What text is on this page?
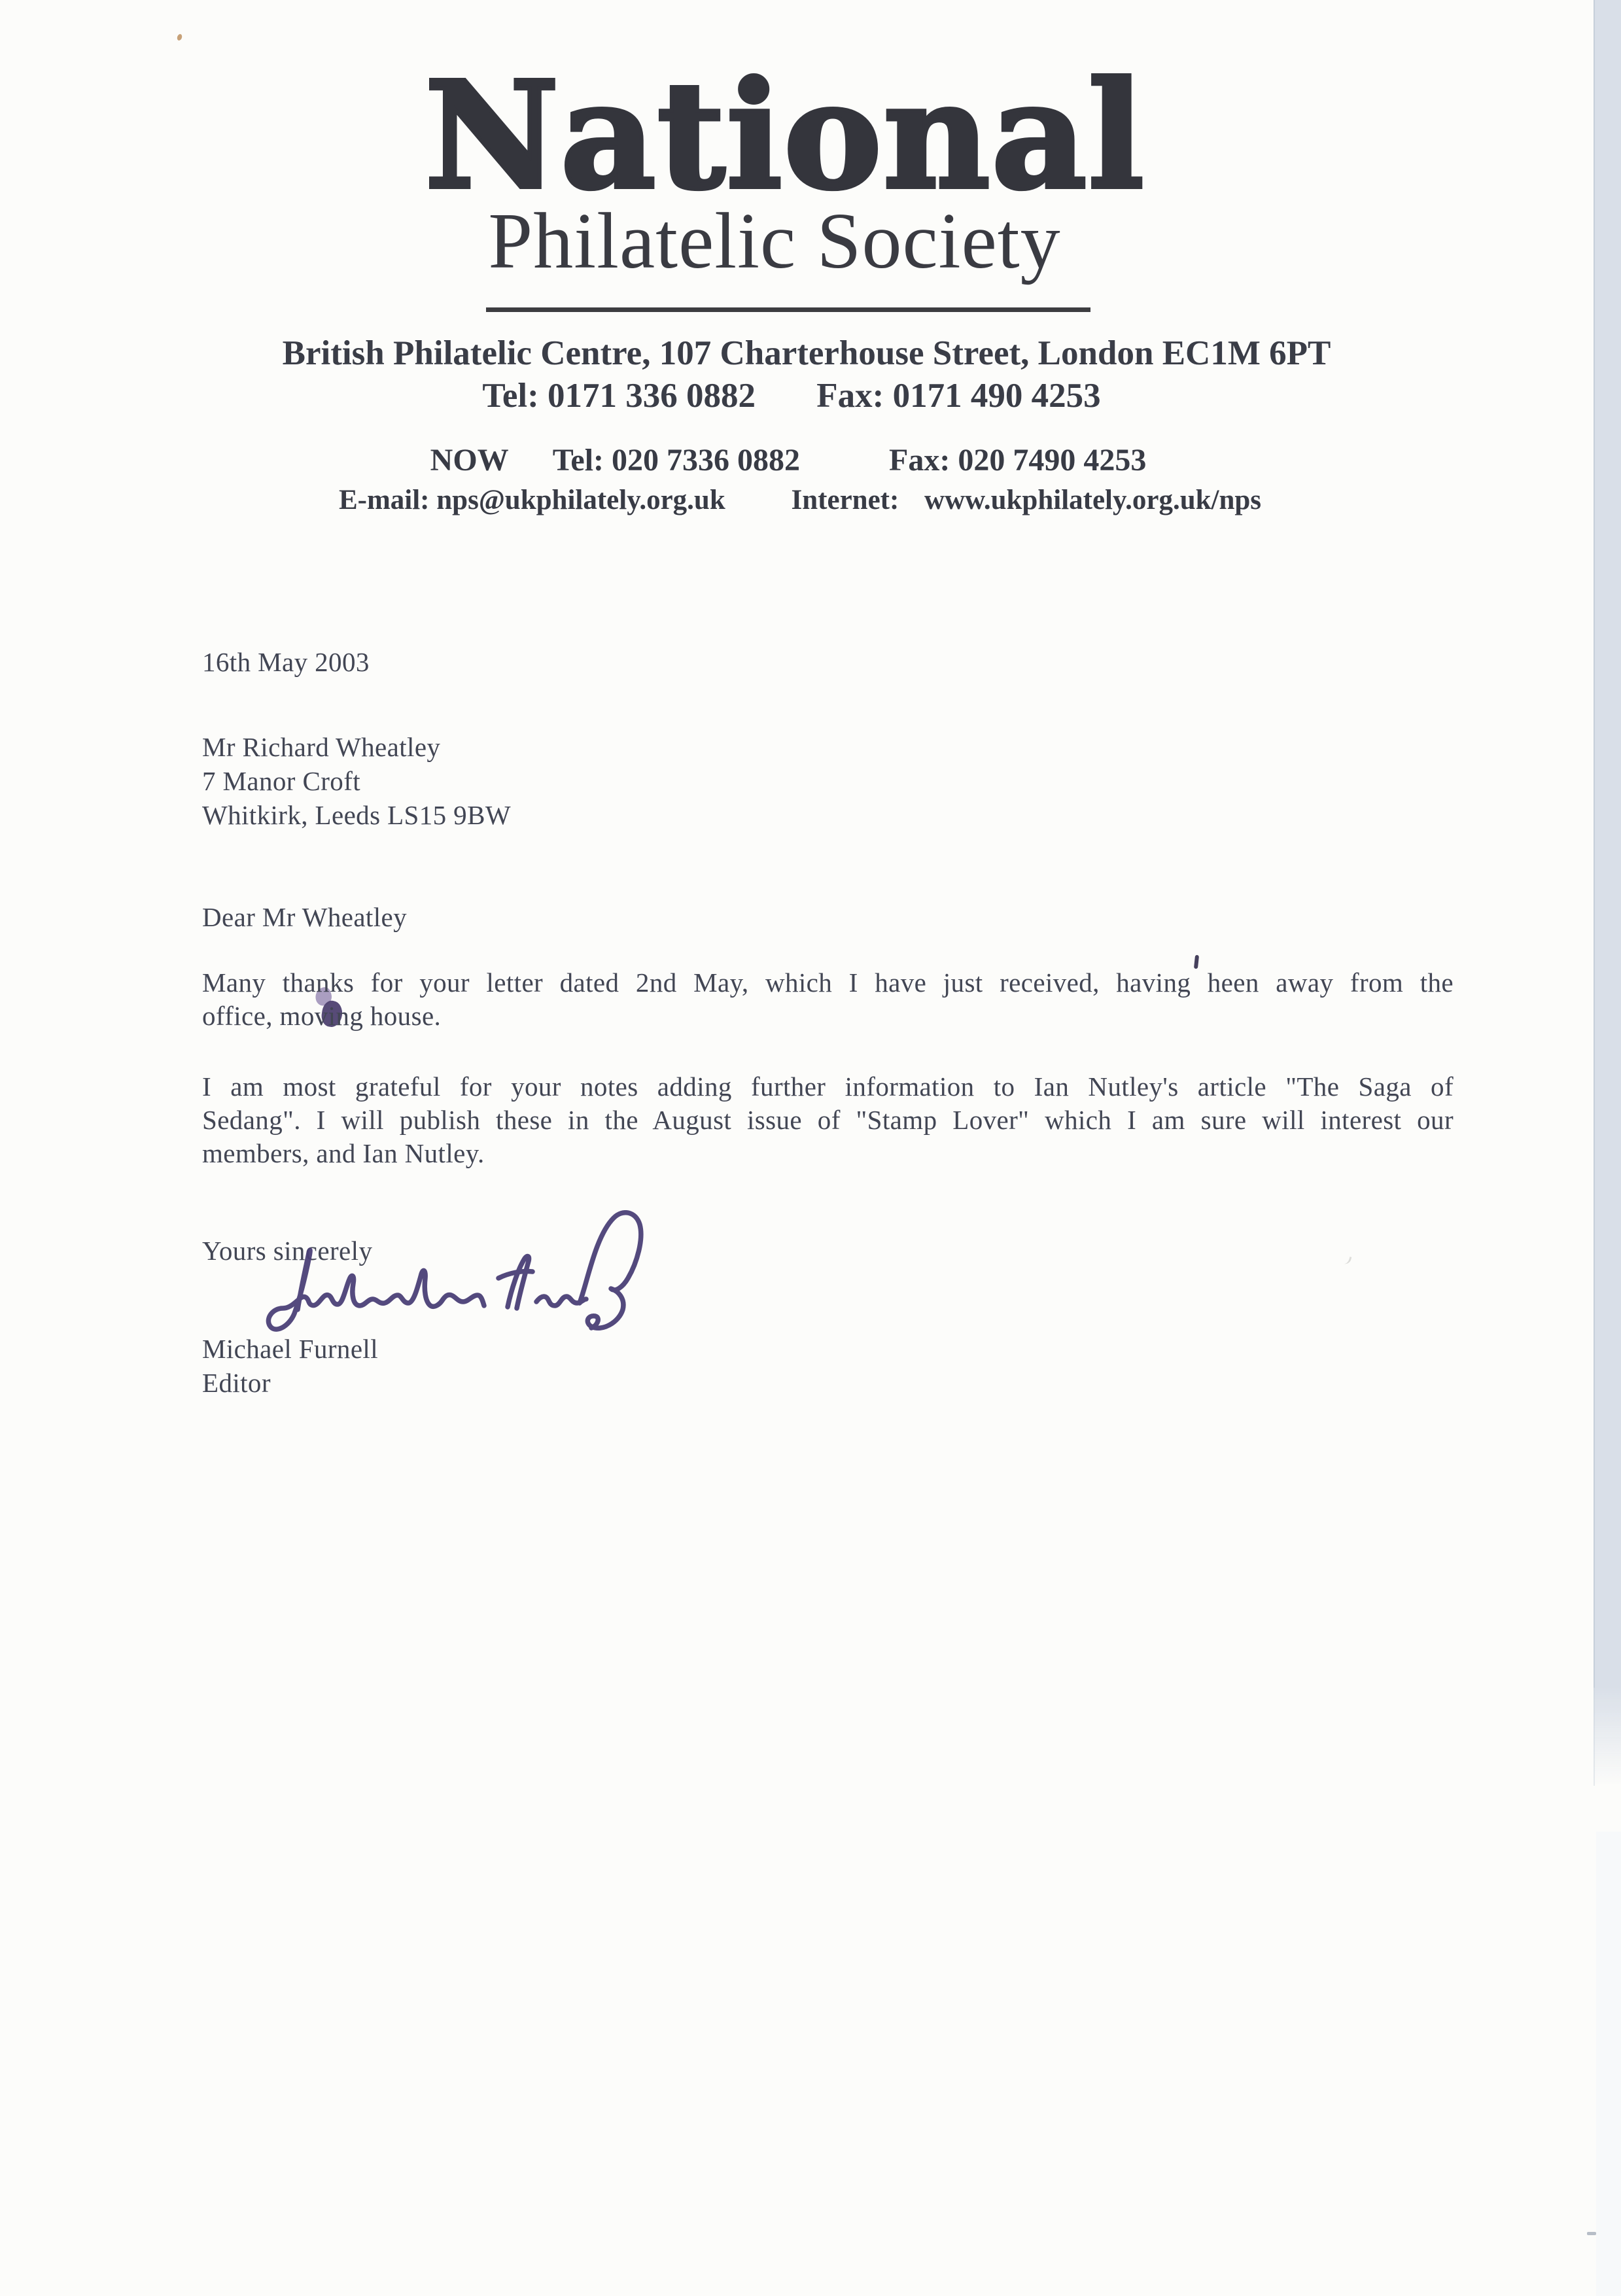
National
Philatelic Society
British Philatelic Centre, 107 Charterhouse Street, London EC1M 6PT
Tel: 0171 336 0882 Fax: 0171 490 4253
NOW Tel: 020 7336 0882	Fax: 020 7490 4253
E-mail: nps@ukphilately.org.uk Internet: www.ukphilately.org.uk/nps
16th May 2003
Mr Richard Wheatley
7 Manor Croft
Whitkirk, Leeds LS15 9BW
Dear Mr Wheatley
Many thanks for your letter dated 2nd May, which I have just received, having heen away from the
office, moving house.
I am most grateful for your notes adding further information to Ian Nutley's article "The Saga of
Sedang". I will publish these in the August issue of "Stamp Lover" which I am sure will interest our
members, and Ian Nutley.
Yours sincerely
Michael Furnell
Editor
